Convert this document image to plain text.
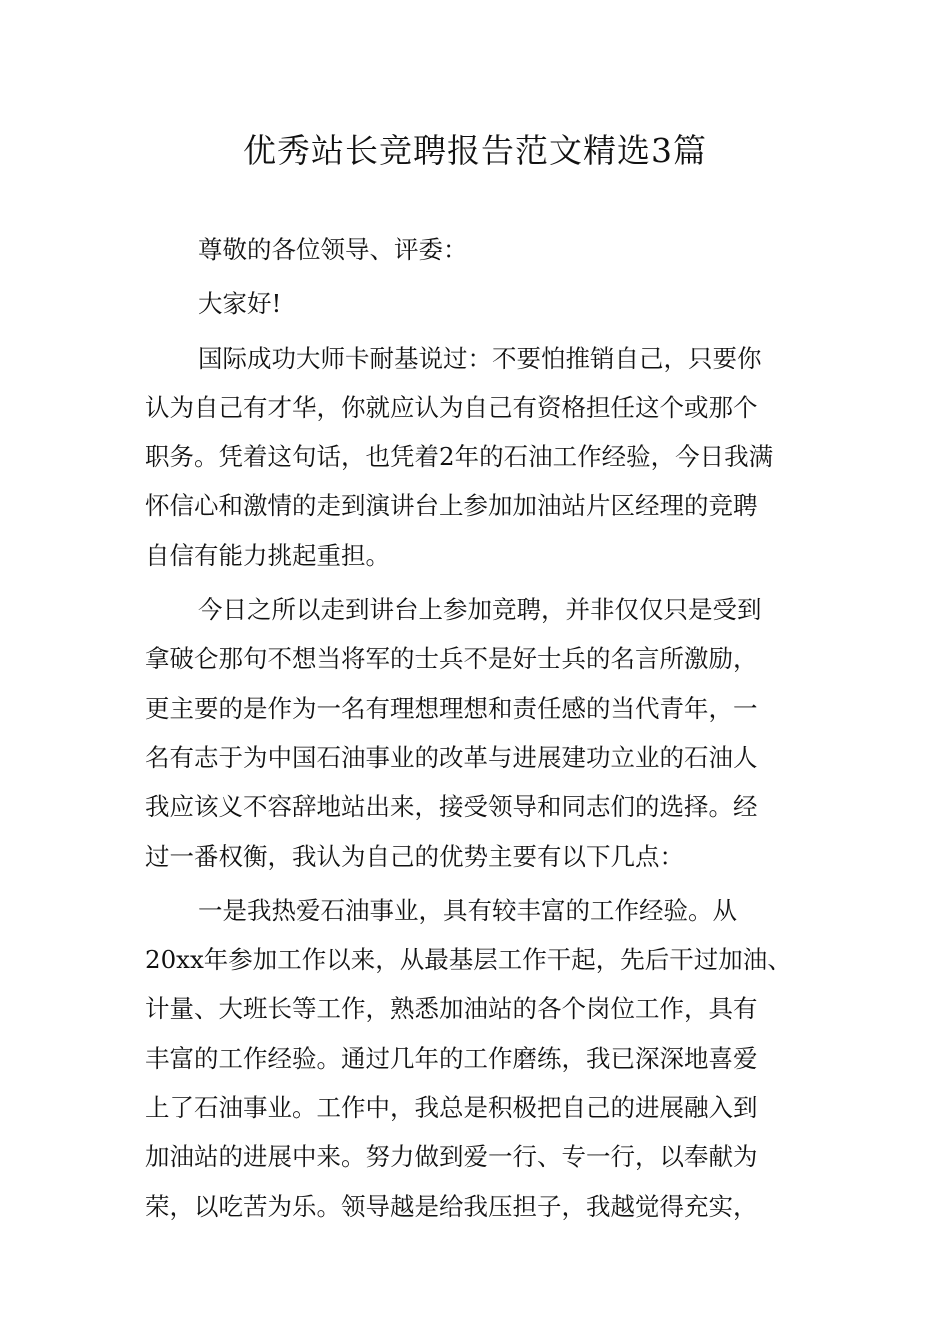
优秀站长竞聘报告范文精选3篇

尊敬的各位领导、评委：

大家好!

国际成功大师卡耐基说过：不要怕推销自己，只要你
认为自己有才华，你就应认为自己有资格担任这个或那个
职务。凭着这句话，也凭着2年的石油工作经验，今日我满
怀信心和激情的走到演讲台上参加加油站片区经理的竞聘
自信有能力挑起重担。

今日之所以走到讲台上参加竞聘，并非仅仅只是受到
拿破仑那句不想当将军的士兵不是好士兵的名言所激励，
更主要的是作为一名有理想理想和责任感的当代青年，一
名有志于为中国石油事业的改革与进展建功立业的石油人
我应该义不容辞地站出来，接受领导和同志们的选择。经
过一番权衡，我认为自己的优势主要有以下几点：

一是我热爱石油事业，具有较丰富的工作经验。从
20xx年参加工作以来，从最基层工作干起，先后干过加油、
计量、大班长等工作，熟悉加油站的各个岗位工作，具有
丰富的工作经验。通过几年的工作磨练，我已深深地喜爱
上了石油事业。工作中，我总是积极把自己的进展融入到
加油站的进展中来。努力做到爱一行、专一行，以奉献为
荣，以吃苦为乐。领导越是给我压担子，我越觉得充实，
